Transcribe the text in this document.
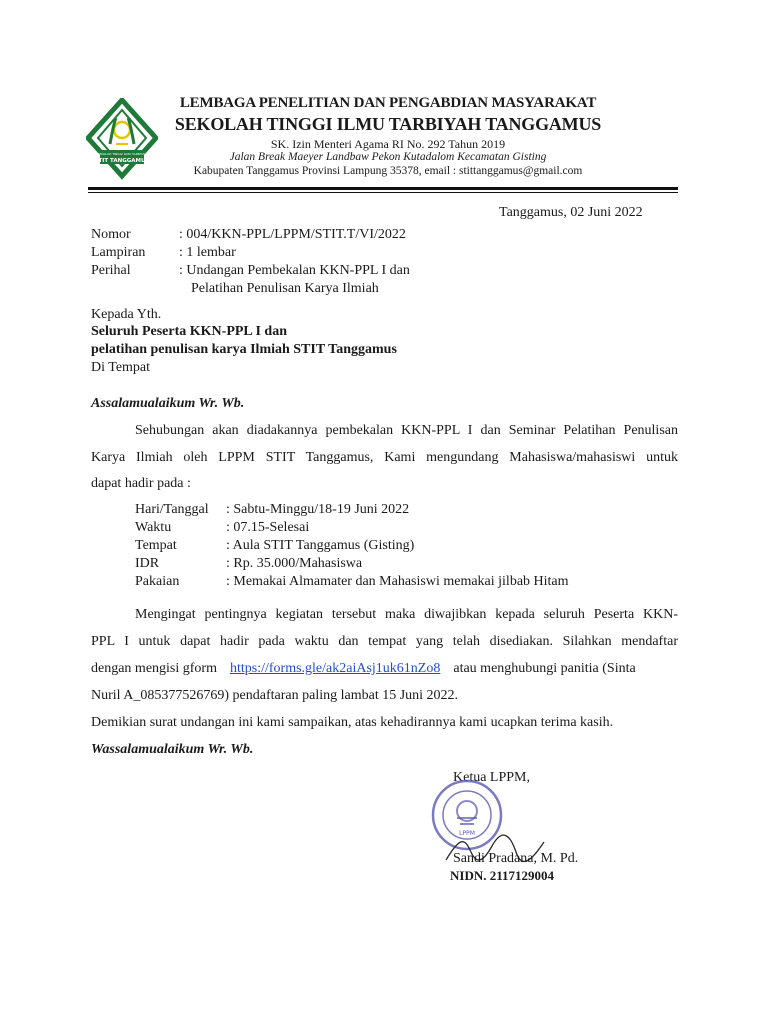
SEKOLAH TINGGI ILMU TARBIYAH
STIT TANGGAMUS
LEMBAGA PENELITIAN DAN PENGABDIAN MASYARAKAT
SEKOLAH TINGGI ILMU TARBIYAH TANGGAMUS
SK. Izin Menteri Agama RI No. 292 Tahun 2019
Jalan Break Maeyer Landbaw Pekon Kutadalom Kecamatan Gisting
Kabupaten Tanggamus Provinsi Lampung 35378, email : stittanggamus@gmail.com
Tanggamus, 02 Juni 2022
Nomor	: 004/KKN-PPL/LPPM/STIT.T/VI/2022
Lampiran : 1 lembar
Perihal	: Undangan Pembekalan KKN-PPL I dan
Pelatihan Penulisan Karya Ilmiah
Kepada Yth.
Seluruh Peserta KKN-PPL I dan
pelatihan penulisan karya Ilmiah STIT Tanggamus
Di Tempat
Assalamualaikum Wr. Wb.
Sehubungan akan diadakannya pembekalan KKN-PPL I dan Seminar Pelatihan Penulisan
Karya Ilmiah oleh LPPM STIT Tanggamus, Kami mengundang Mahasiswa/mahasiswi untuk
dapat hadir pada :
Hari/Tanggal : Sabtu-Minggu/18-19 Juni 2022
Waktu	: 07.15-Selesai
Tempat	: Aula STIT Tanggamus (Gisting)
IDR	: Rp. 35.000/Mahasiswa
Pakaian	: Memakai Almamater dan Mahasiswi memakai jilbab Hitam
Mengingat pentingnya kegiatan tersebut maka diwajibkan kepada seluruh Peserta KKN-
PPL I untuk dapat hadir pada waktu dan tempat yang telah disediakan. Silahkan mendaftar
dengan mengisi gform https://forms.gle/ak2aiAsj1uk61nZo8 atau menghubungi panitia (Sinta
Nuril A_085377526769) pendaftaran paling lambat 15 Juni 2022.
Demikian surat undangan ini kami sampaikan, atas kehadirannya kami ucapkan terima kasih.
Wassalamualaikum Wr. Wb.
Ketua LPPM,
LPPM
Sandi Pradana, M. Pd.
NIDN. 2117129004
